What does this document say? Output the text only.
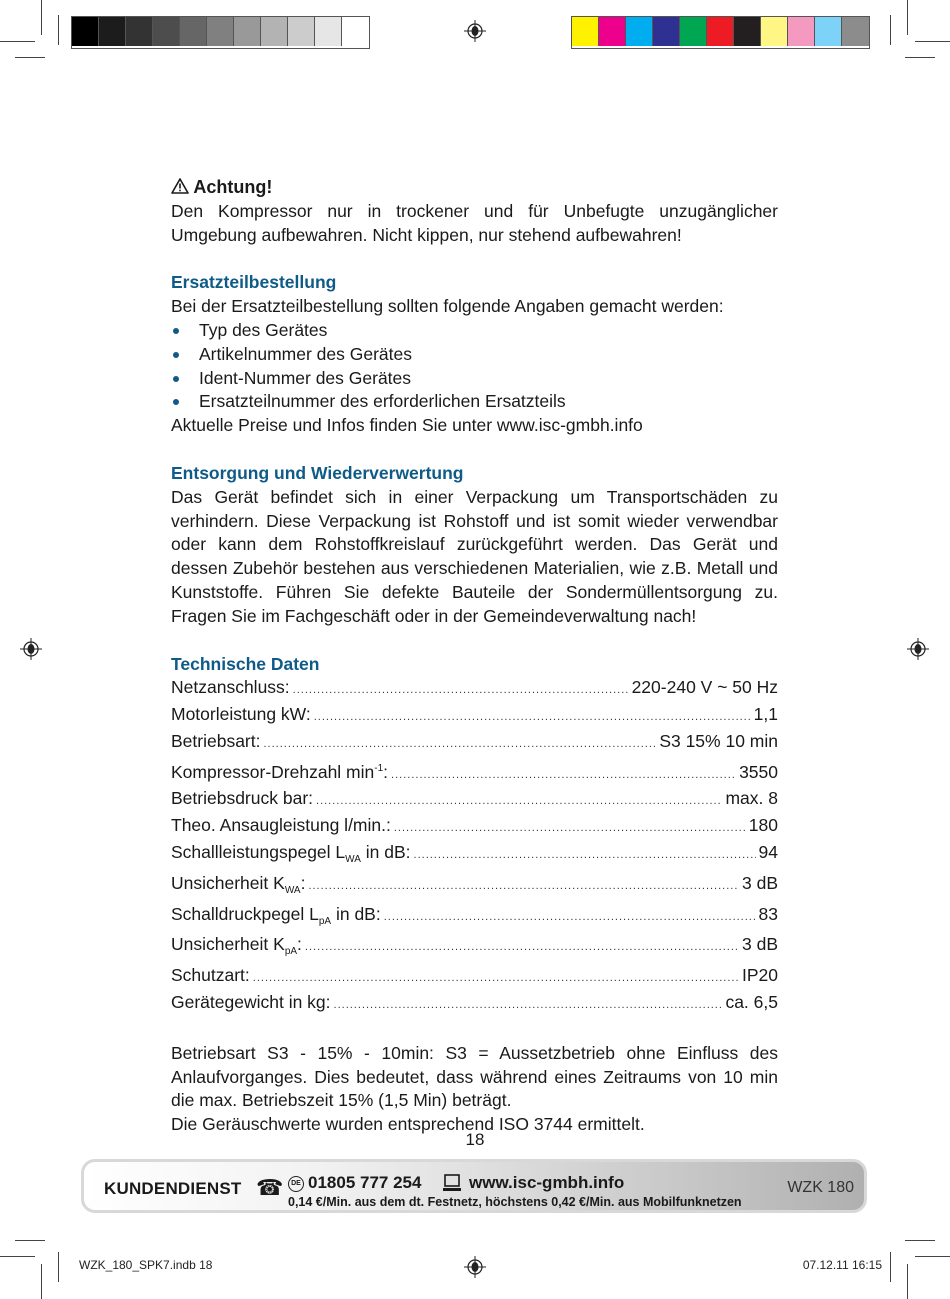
Achtung!
Den Kompressor nur in trockener und für Unbefugte unzugänglicher Umgebung aufbewahren. Nicht kippen, nur stehend aufbewahren!
Ersatzteilbestellung
Bei der Ersatzteilbestellung sollten folgende Angaben gemacht werden:
Typ des Gerätes
Artikelnummer des Gerätes
Ident-Nummer des Gerätes
Ersatzteilnummer des erforderlichen Ersatzteils
Aktuelle Preise und Infos finden Sie unter www.isc-gmbh.info
Entsorgung und Wiederverwertung
Das Gerät befindet sich in einer Verpackung um Transportschäden zu verhindern. Diese Verpackung ist Rohstoff und ist somit wieder verwendbar oder kann dem Rohstoffkreislauf zurückgeführt werden. Das Gerät und dessen Zubehör bestehen aus verschiedenen Materialien, wie z.B. Metall und Kunststoffe. Führen Sie defekte Bauteile der Sondermüllentsorgung zu. Fragen Sie im Fachgeschäft oder in der Gemeindeverwaltung nach!
Technische Daten
Netzanschluss: .....	220-240 V ~ 50 Hz
Motorleistung kW: .....	1,1
Betriebsart: .....	S3 15% 10 min
Kompressor-Drehzahl $\min^{-1}$: .....	3550
Betriebsdruck bar: .....	max. 8
Theo. Ansaugleistung l/min.: .....	180
Schallleistungspegel $L_{WA}$ in dB: .....	94
Unsicherheit $K_{WA}$: .....	3 dB
Schalldruckpegel $L_{pA}$ in dB: .....	83
Unsicherheit $K_{pA}$: .....	3 dB
Schutzart: .....	IP20
Gerätegewicht in kg: .....	ca. 6,5
Betriebsart S3 - 15% - 10min: S3 = Aussetzbetrieb ohne Einfluss des Anlaufvorganges. Dies bedeutet, dass während eines Zeitraums von 10 min die max. Betriebszeit 15% (1,5 Min) beträgt.
Die Geräuschwerte wurden entsprechend ISO 3744 ermittelt.
18
KUNDENDIENST ☎	DE 01805 777 254	www.isc-gmbh.info
0,14 €/Min. aus dem dt. Festnetz, höchstens 0,42 €/Min. aus Mobilfunknetzen
WZK 180
WZK_180_SPK7.indb 18	07.12.11 16:15
